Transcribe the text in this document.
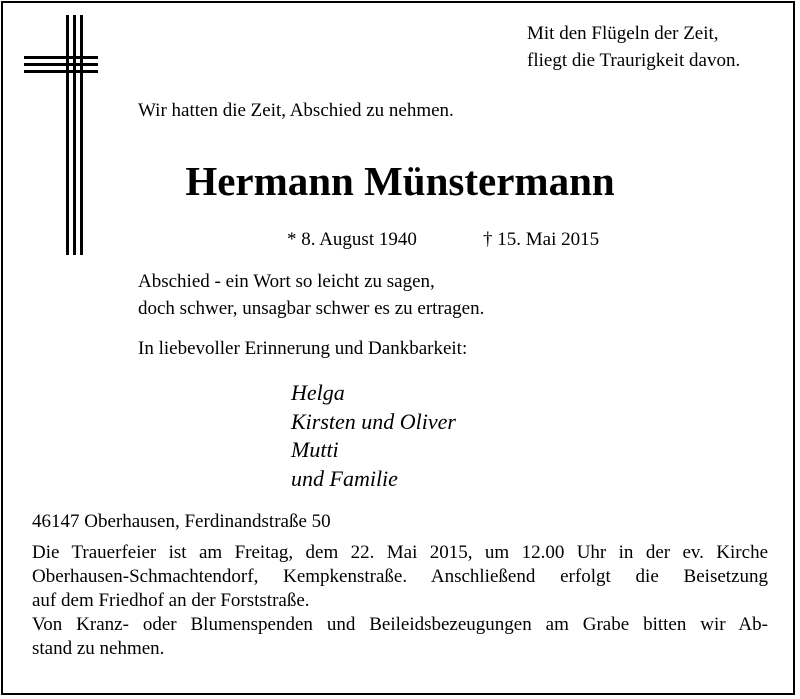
Mit den Flügeln der Zeit,
fliegt die Traurigkeit davon.
Wir hatten die Zeit, Abschied zu nehmen.
Hermann Münstermann
* 8. August 1940	† 15. Mai 2015
Abschied - ein Wort so leicht zu sagen,
doch schwer, unsagbar schwer es zu ertragen.
In liebevoller Erinnerung und Dankbarkeit:
Helga
Kirsten und Oliver
Mutti
und Familie
46147 Oberhausen, Ferdinandstraße 50
Die Trauerfeier ist am Freitag, dem 22. Mai 2015, um 12.00 Uhr in der ev. Kirche
Oberhausen-Schmachtendorf, Kempkenstraße. Anschließend erfolgt die Beisetzung
auf dem Friedhof an der Forststraße.
Von Kranz- oder Blumenspenden und Beileidsbezeugungen am Grabe bitten wir Ab-
stand zu nehmen.
